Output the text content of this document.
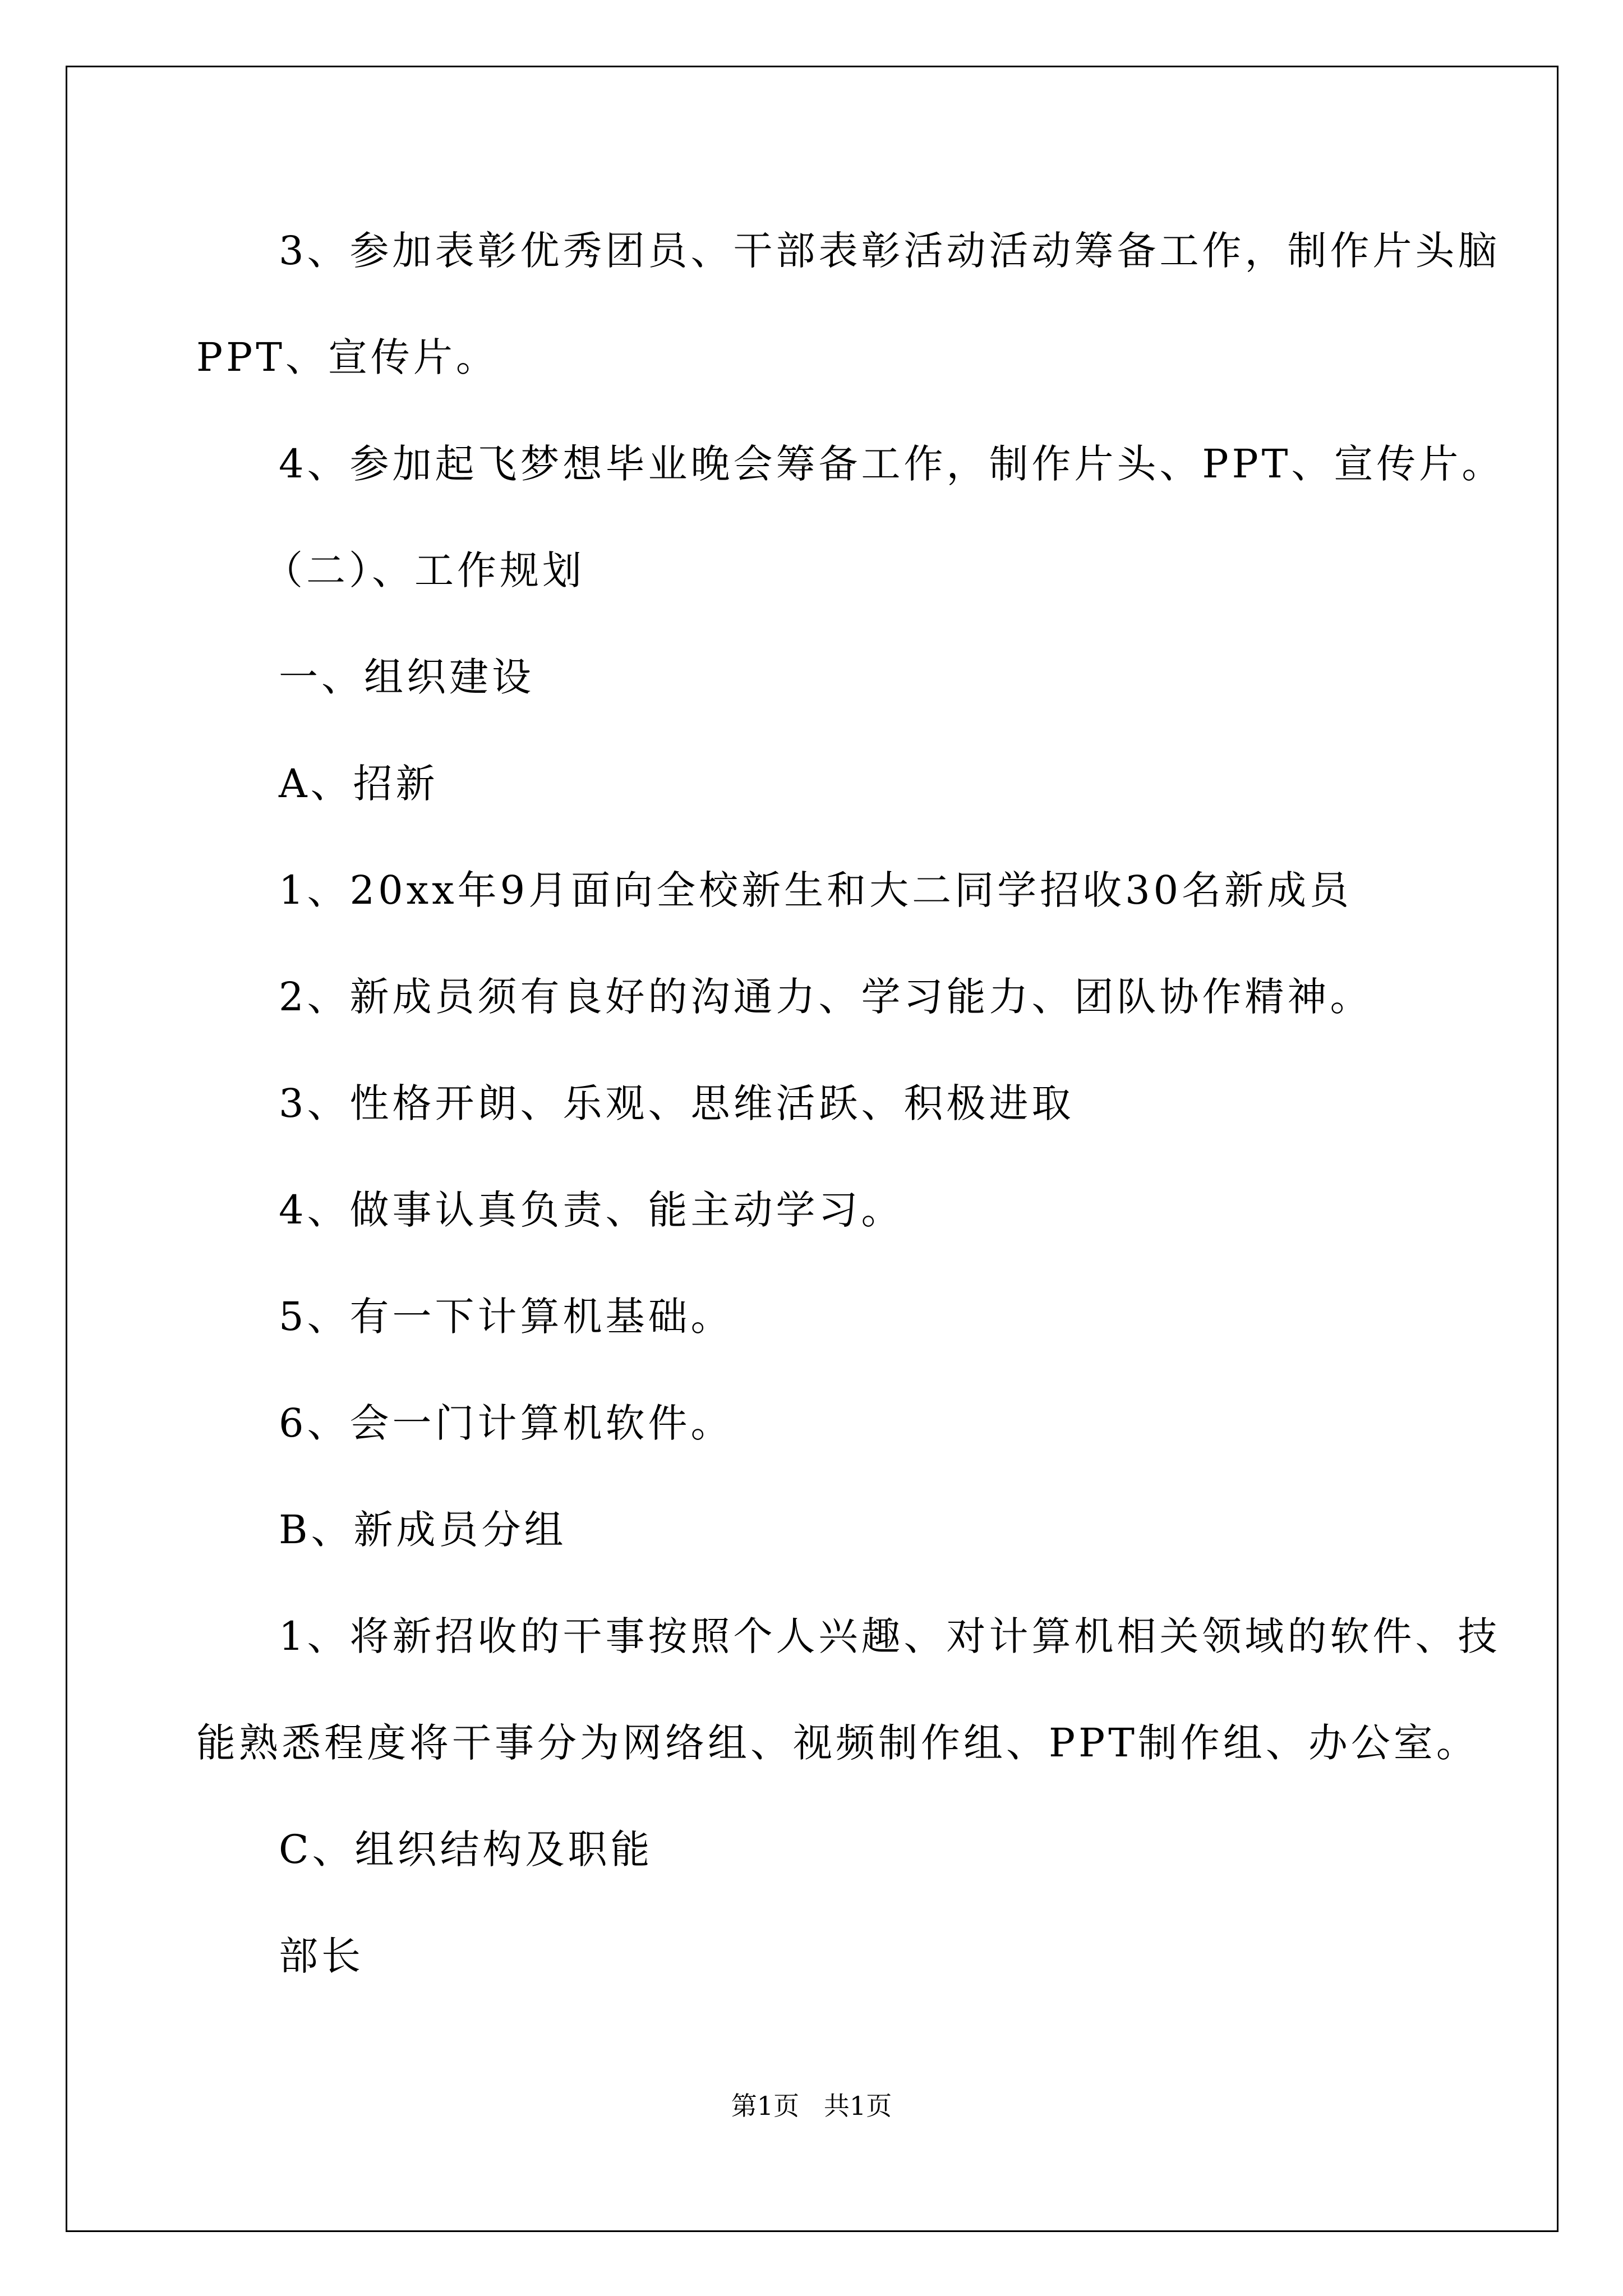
3、参加表彰优秀团员、干部表彰活动活动筹备工作，制作片头脑
PPT、宣传片。
4、参加起飞梦想毕业晚会筹备工作，制作片头、PPT、宣传片。
（二）、工作规划
一、组织建设
A、招新
1、20xx年9月面向全校新生和大二同学招收30名新成员
2、新成员须有良好的沟通力、学习能力、团队协作精神。
3、性格开朗、乐观、思维活跃、积极进取
4、做事认真负责、能主动学习。
5、有一下计算机基础。
6、会一门计算机软件。
B、新成员分组
1、将新招收的干事按照个人兴趣、对计算机相关领域的软件、技
能熟悉程度将干事分为网络组、视频制作组、PPT制作组、办公室。
C、组织结构及职能
部长
第1页   共1页
